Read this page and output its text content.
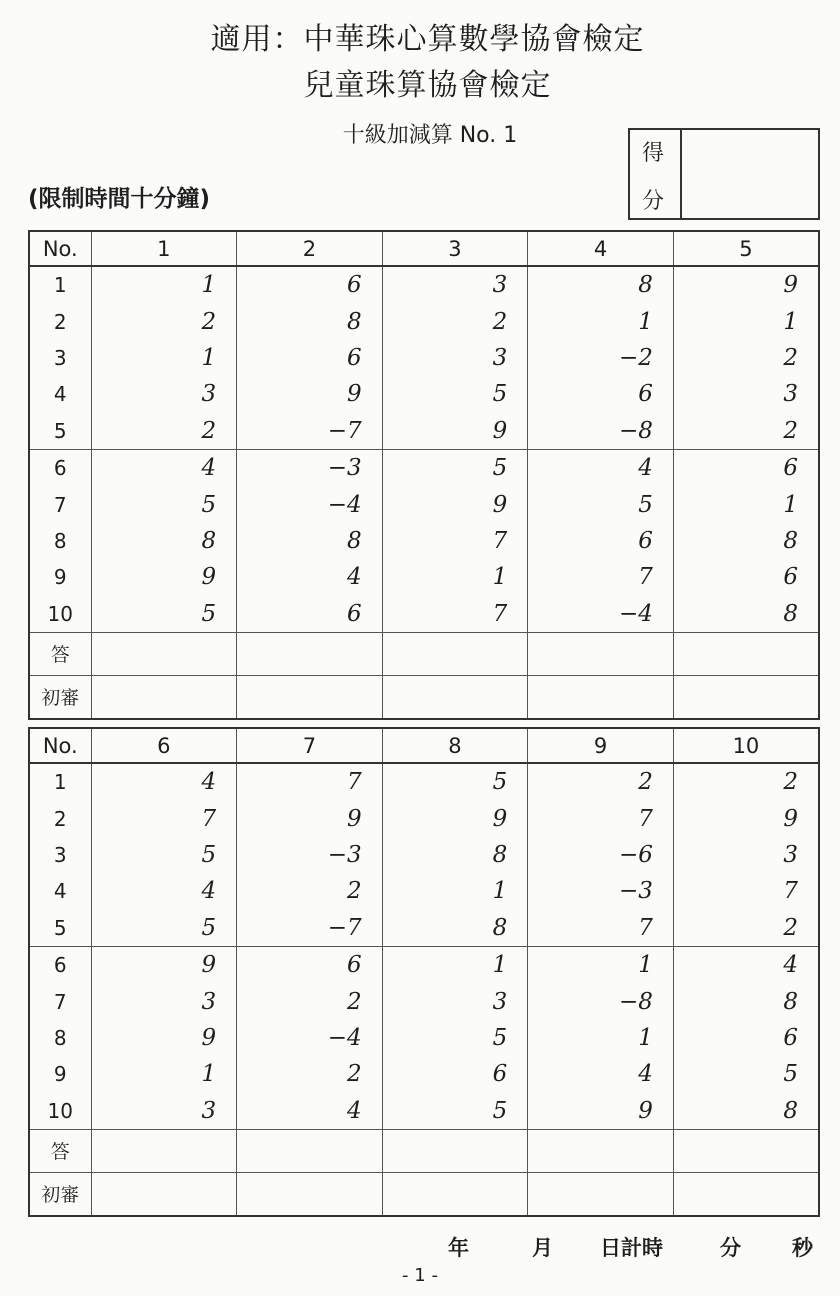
適用：中華珠心算數學協會檢定
兒童珠算協會檢定
十級加減算 No. 1
(限制時間十分鐘)
得
分
No.	1	2	3	4	5
1	1	6	3	8	9
2	2	8	2	1	1
3	1	6	3	−2	2
4	3	9	5	6	3
5	2	−7	9	−8	2
6	4	−3	5	4	6
7	5	−4	9	5	1
8	8	8	7	6	8
9	9	4	1	7	6
10	5	6	7	−4	8
答					
初審					
No.	6	7	8	9	10
1	4	7	5	2	2
2	7	9	9	7	9
3	5	−3	8	−6	3
4	4	2	1	−3	7
5	5	−7	8	7	2
6	9	6	1	1	4
7	3	2	3	−8	8
8	9	−4	5	1	6
9	1	2	6	4	5
10	3	4	5	9	8
答					
初審					
年	月 日計時	分 秒
- 1 -
